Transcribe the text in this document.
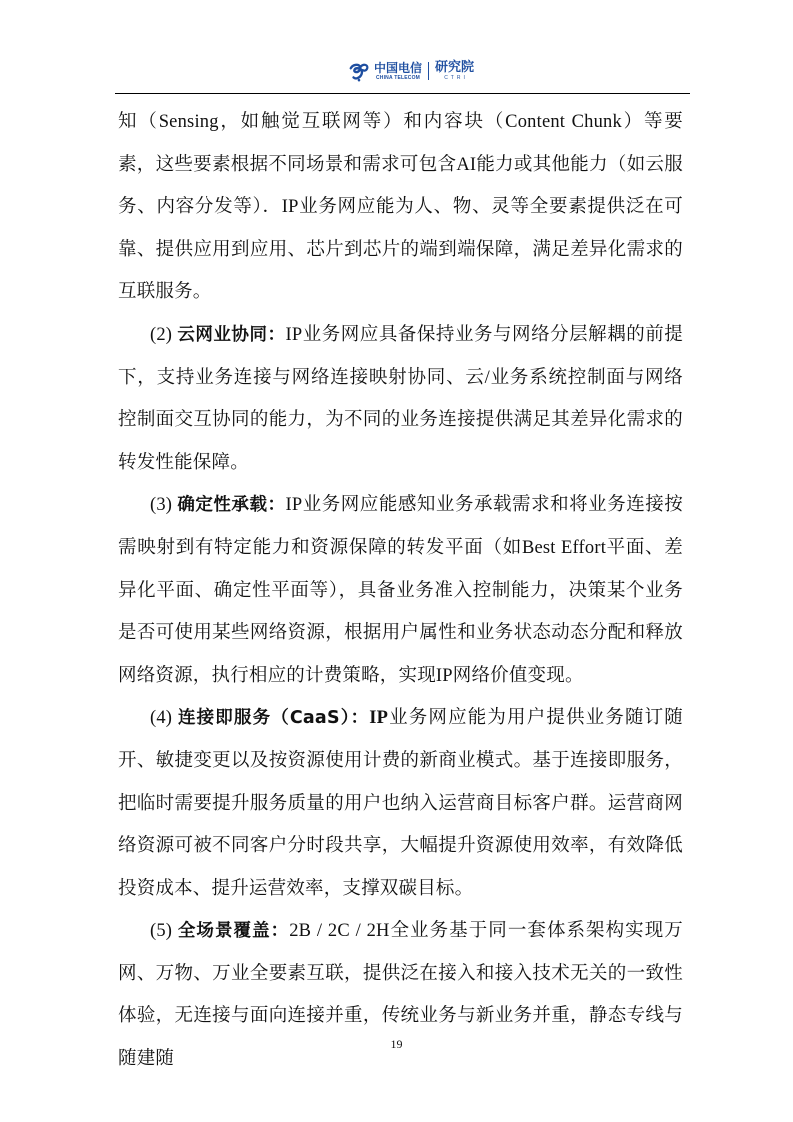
中国电信
CHINA TELECOM
研究院
CTRI

知（Sensing，如触觉互联网等）和内容块（Content Chunk）等要素，这些要素根据不同场景和需求可包含AI能力或其他能力（如云服务、内容分发等）．IP业务网应能为人、物、灵等全要素提供泛在可靠、提供应用到应用、芯片到芯片的端到端保障，满足差异化需求的互联服务。

(2) 云网业协同：IP业务网应具备保持业务与网络分层解耦的前提下，支持业务连接与网络连接映射协同、云/业务系统控制面与网络控制面交互协同的能力，为不同的业务连接提供满足其差异化需求的转发性能保障。

(3) 确定性承载：IP业务网应能感知业务承载需求和将业务连接按需映射到有特定能力和资源保障的转发平面（如Best Effort平面、差异化平面、确定性平面等），具备业务准入控制能力，决策某个业务是否可使用某些网络资源，根据用户属性和业务状态动态分配和释放网络资源，执行相应的计费策略，实现IP网络价值变现。

(4) 连接即服务（CaaS）：IP业务网应能为用户提供业务随订随开、敏捷变更以及按资源使用计费的新商业模式。基于连接即服务，把临时需要提升服务质量的用户也纳入运营商目标客户群。运营商网络资源可被不同客户分时段共享，大幅提升资源使用效率，有效降低投资成本、提升运营效率，支撑双碳目标。

(5) 全场景覆盖：2B / 2C / 2H全业务基于同一套体系架构实现万网、万物、万业全要素互联，提供泛在接入和接入技术无关的一致性体验，无连接与面向连接并重，传统业务与新业务并重，静态专线与随建随

19
